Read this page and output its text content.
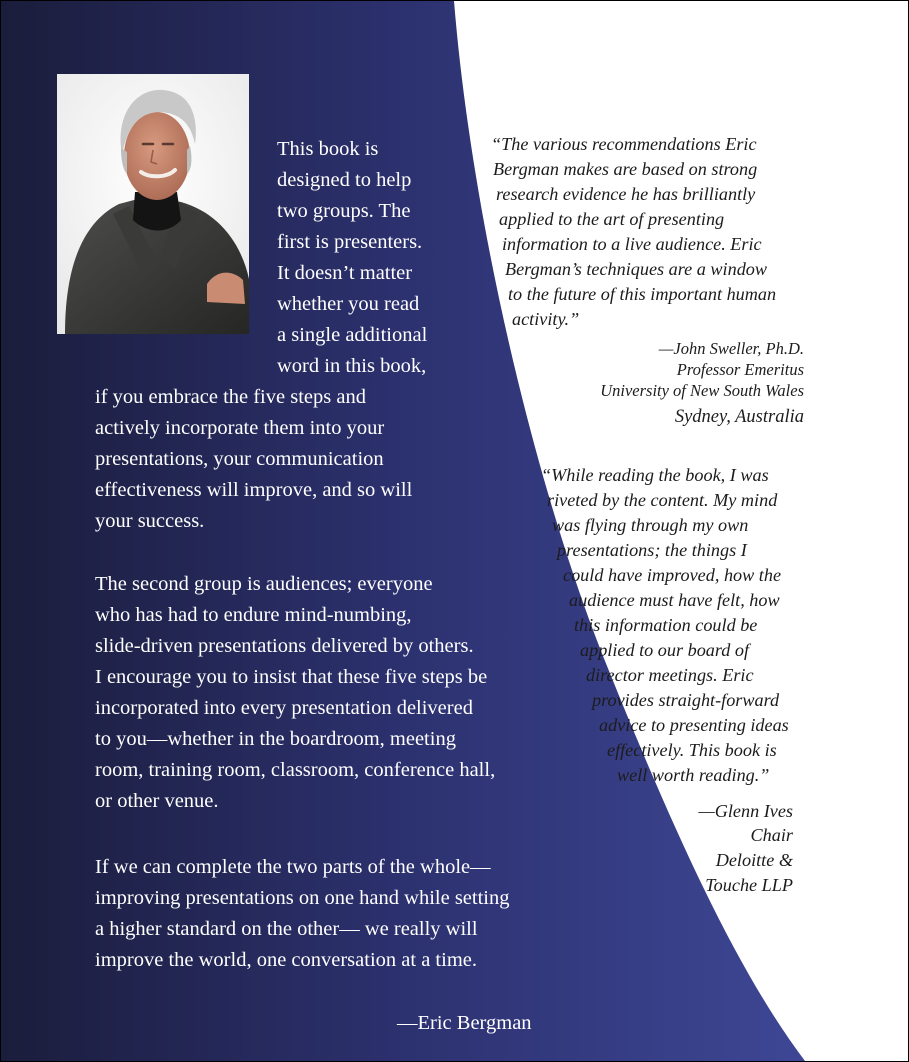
This book is

designed to help

two groups. The

first is presenters.

It doesn’t matter

whether you read

a single additional

word in this book,

if you embrace the five steps and

actively incorporate them into your

presentations, your communication

effectiveness will improve, and so will

your success.

The second group is audiences; everyone

who has had to endure mind-numbing,

slide-driven presentations delivered by others.

I encourage you to insist that these five steps be

incorporated into every presentation delivered

to you—whether in the boardroom, meeting

room, training room, classroom, conference hall,

or other venue.

If we can complete the two parts of the whole—

improving presentations on one hand while setting

a higher standard on the other— we really will

improve the world, one conversation at a time.

—Eric Bergman

“The various recommendations Eric

Bergman makes are based on strong

research evidence he has brilliantly

applied to the art of presenting

information to a live audience. Eric

Bergman’s techniques are a window

to the future of this important human

activity.”

—John Sweller, Ph.D.

Professor Emeritus

University of New South Wales

Sydney, Australia

“While reading the book, I was

riveted by the content. My mind

was flying through my own

presentations; the things I

could have improved, how the

audience must have felt, how

this information could be

applied to our board of

director meetings. Eric

provides straight-forward

advice to presenting ideas

effectively. This book is

well worth reading.”

—Glenn Ives

Chair

Deloitte &

Touche LLP
